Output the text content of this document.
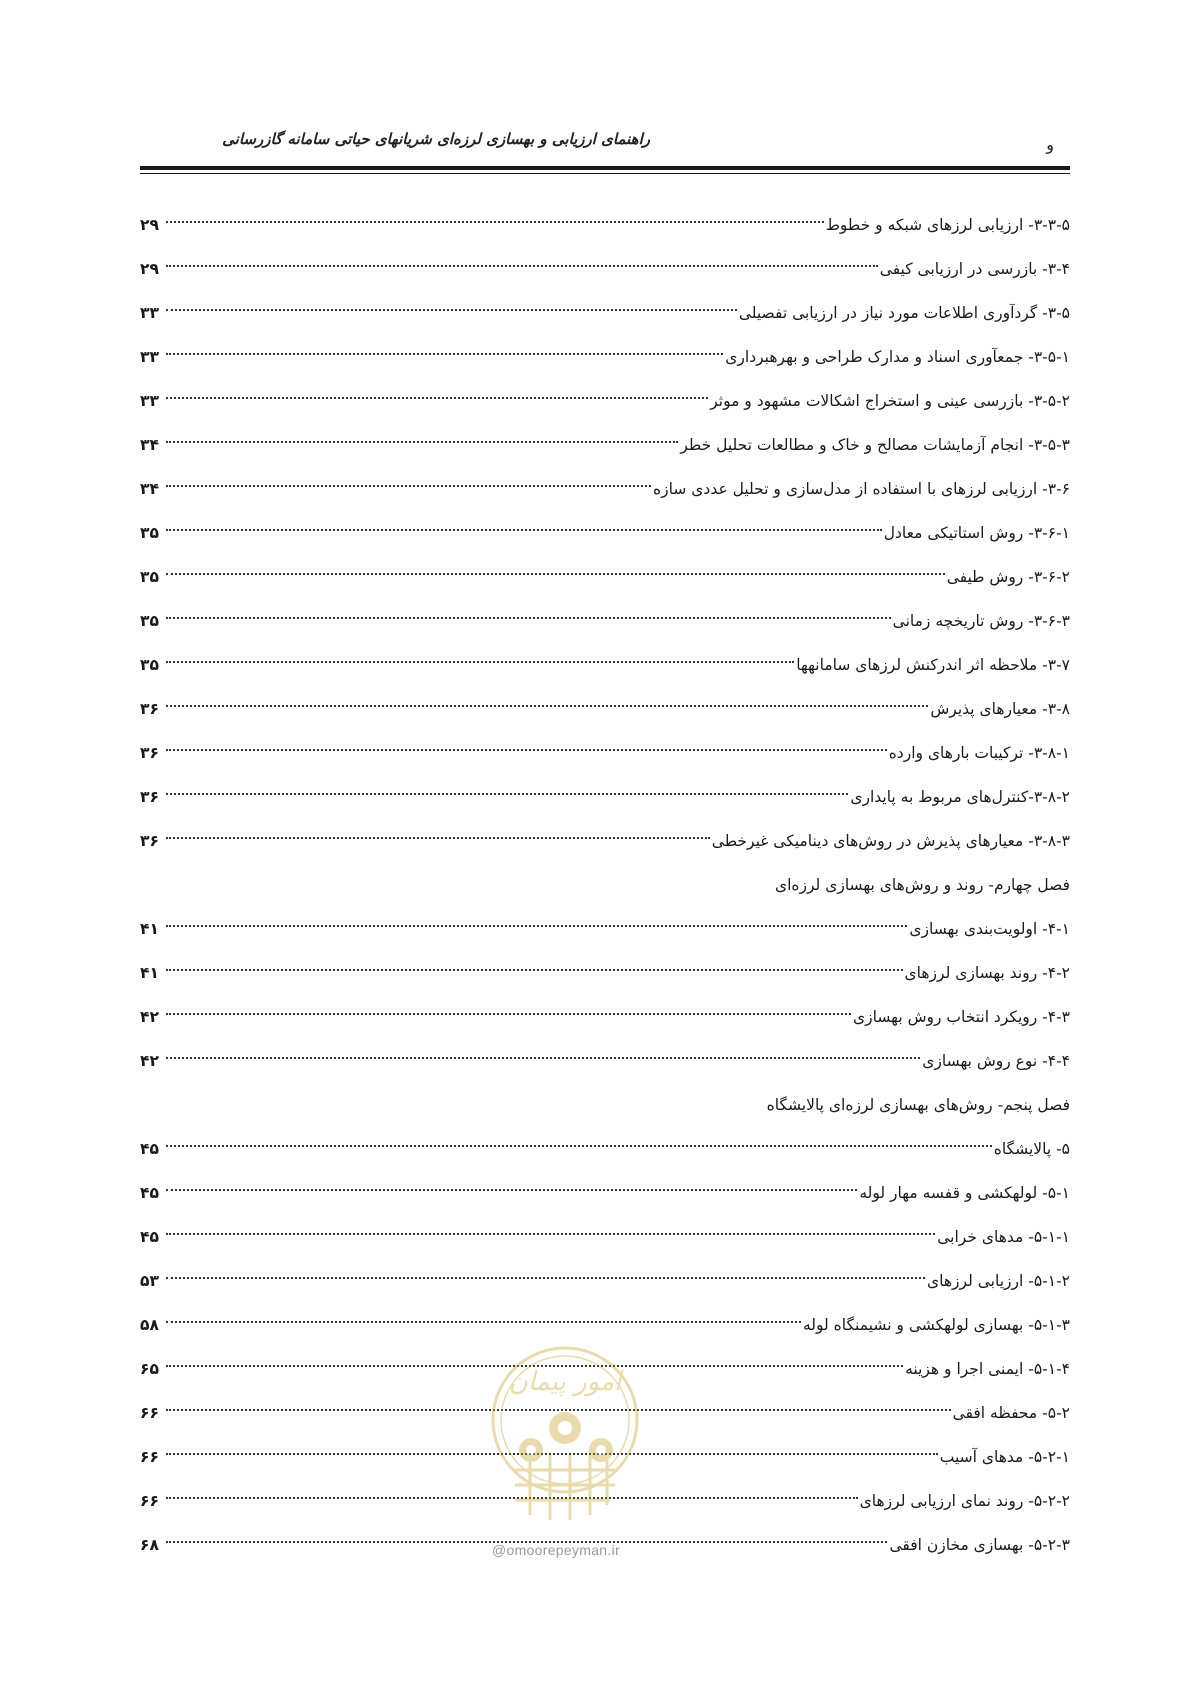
و
راهنمای ارزیابی و بهسازی لرزه‌ای شریانهای حیاتی سامانه گازرسانی
۳-۳-۵- ارزیابی لرزهای شبکه و خطوط
۲۹
۳-۴- بازرسی در ارزیابی کیفی
۲۹
۳-۵- گردآوری اطلاعات مورد نیاز در ارزیابی تفصیلی
۳۳
۳-۵-۱- جمعآوری اسناد و مدارک طراحی و بهرهبرداری
۳۳
۳-۵-۲- بازرسی عینی و استخراج اشکالات مشهود و موثر
۳۳
۳-۵-۳- انجام آزمایشات مصالح و خاک و مطالعات تحلیل خطر
۳۴
۳-۶- ارزیابی لرزهای با استفاده از مدل‌سازی و تحلیل عددی سازه
۳۴
۳-۶-۱- روش استاتیکی معادل
۳۵
۳-۶-۲- روش طیفی
۳۵
۳-۶-۳- روش تاریخچه زمانی
۳۵
۳-۷- ملاحظه اثر اندرکنش لرزهای سامانهها
۳۵
۳-۸- معیارهای پذیرش
۳۶
۳-۸-۱- ترکیبات بارهای وارده
۳۶
۳-۸-۲-کنترل‌های مربوط به پایداری
۳۶
۳-۸-۳- معیارهای پذیرش در روش‌های دینامیکی غیرخطی
۳۶
فصل چهارم- روند و روش‌های بهسازی لرزه‌ای
۴-۱- اولویت‌بندی بهسازی
۴۱
۴-۲- روند بهسازی لرزهای
۴۱
۴-۳- رویکرد انتخاب روش بهسازی
۴۲
۴-۴- نوع روش بهسازی
۴۲
فصل پنجم- روش‌های بهسازی لرزه‌ای پالایشگاه
۵- پالایشگاه
۴۵
۵-۱- لولهکشی و قفسه مهار لوله
۴۵
۵-۱-۱- مدهای خرابی
۴۵
۵-۱-۲- ارزیابی لرزهای
۵۳
۵-۱-۳- بهسازی لولهکشی و نشیمنگاه لوله
۵۸
۵-۱-۴- ایمنی اجرا و هزینه
۶۵
۵-۲- محفظه افقی
۶۶
۵-۲-۱- مدهای آسیب
۶۶
۵-۲-۲- روند نمای ارزیابی لرزهای
۶۶
۵-۲-۳- بهسازی مخازن افقی
۶۸
امور پیمان
@omoorepeyman.ir
